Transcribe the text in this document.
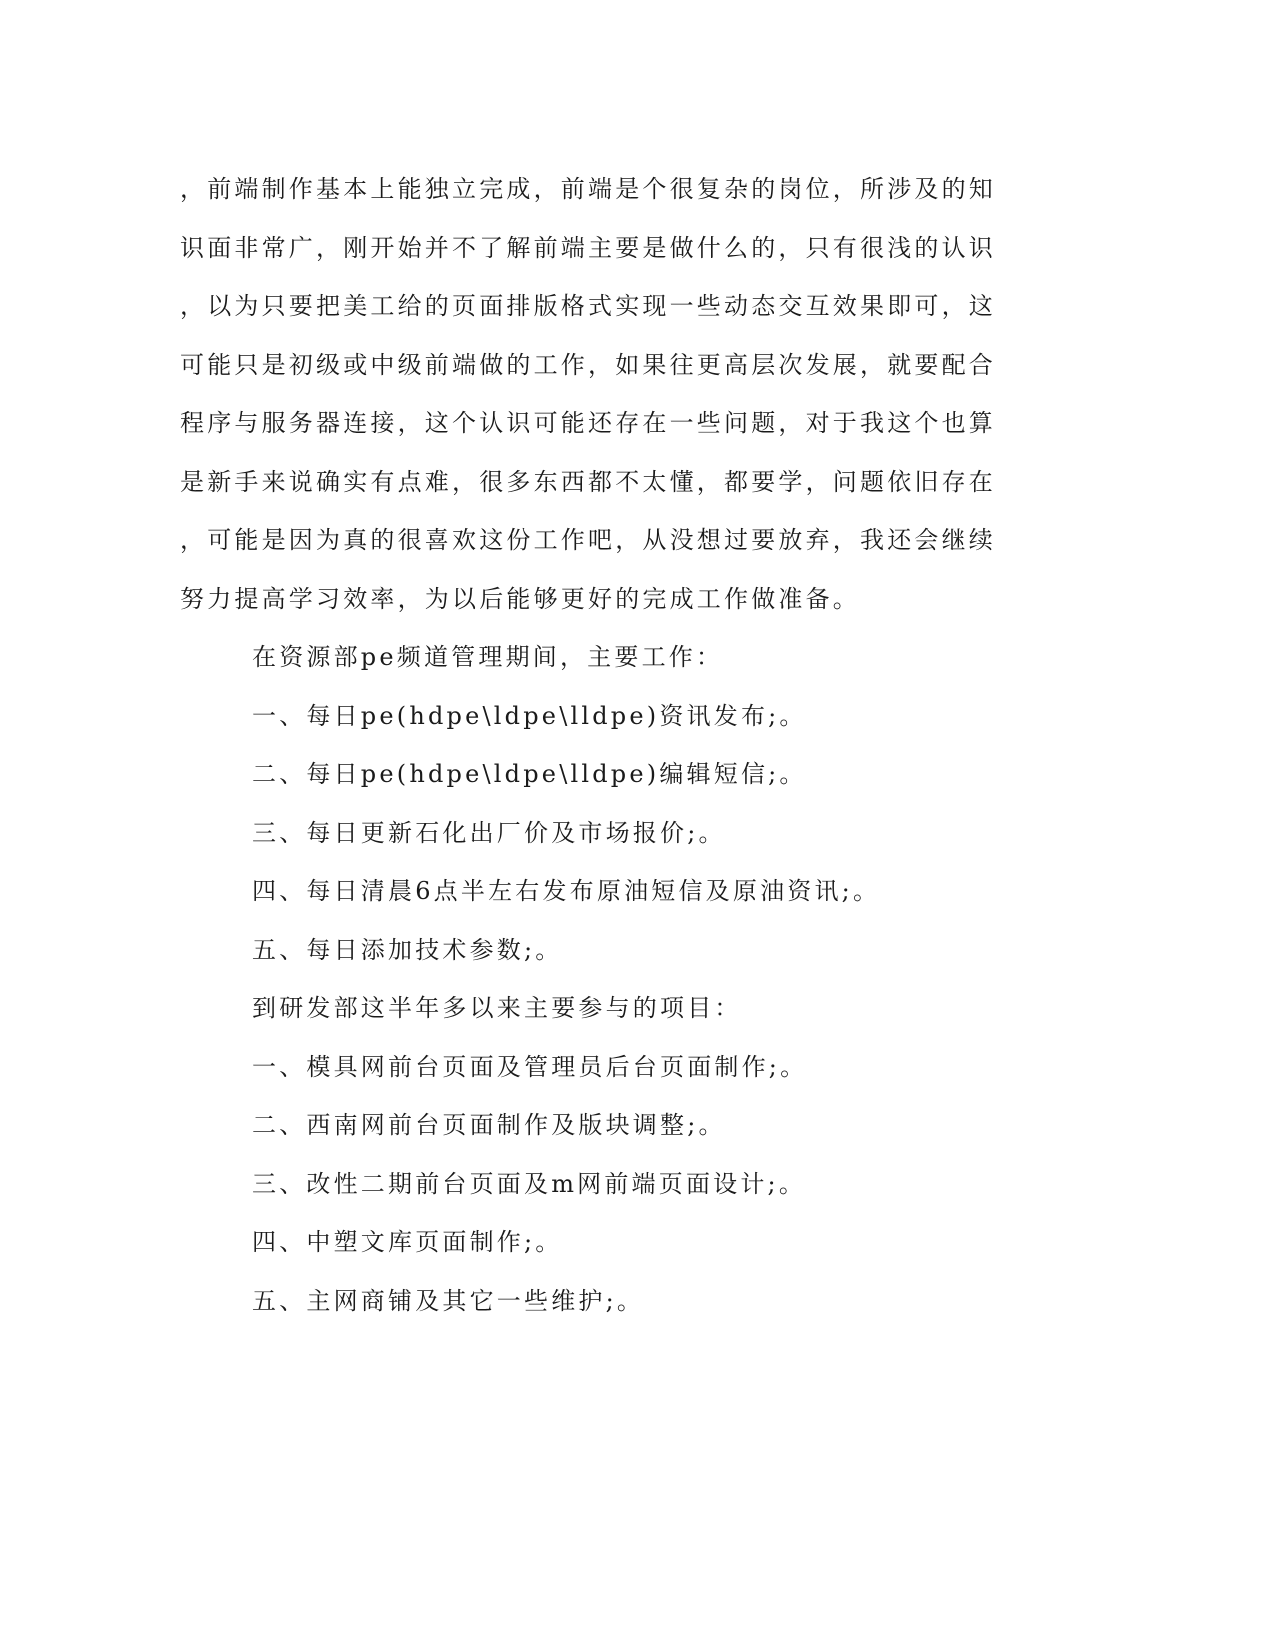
，前端制作基本上能独立完成，前端是个很复杂的岗位，所涉及的知
识面非常广，刚开始并不了解前端主要是做什么的，只有很浅的认识
，以为只要把美工给的页面排版格式实现一些动态交互效果即可，这
可能只是初级或中级前端做的工作，如果往更高层次发展，就要配合
程序与服务器连接，这个认识可能还存在一些问题，对于我这个也算
是新手来说确实有点难，很多东西都不太懂，都要学，问题依旧存在
，可能是因为真的很喜欢这份工作吧，从没想过要放弃，我还会继续
努力提高学习效率，为以后能够更好的完成工作做准备。
在资源部pe频道管理期间，主要工作：
一、每日pe(hdpe\ldpe\lldpe)资讯发布;。
二、每日pe(hdpe\ldpe\lldpe)编辑短信;。
三、每日更新石化出厂价及市场报价;。
四、每日清晨6点半左右发布原油短信及原油资讯;。
五、每日添加技术参数;。
到研发部这半年多以来主要参与的项目：
一、模具网前台页面及管理员后台页面制作;。
二、西南网前台页面制作及版块调整;。
三、改性二期前台页面及m网前端页面设计;。
四、中塑文库页面制作;。
五、主网商铺及其它一些维护;。
